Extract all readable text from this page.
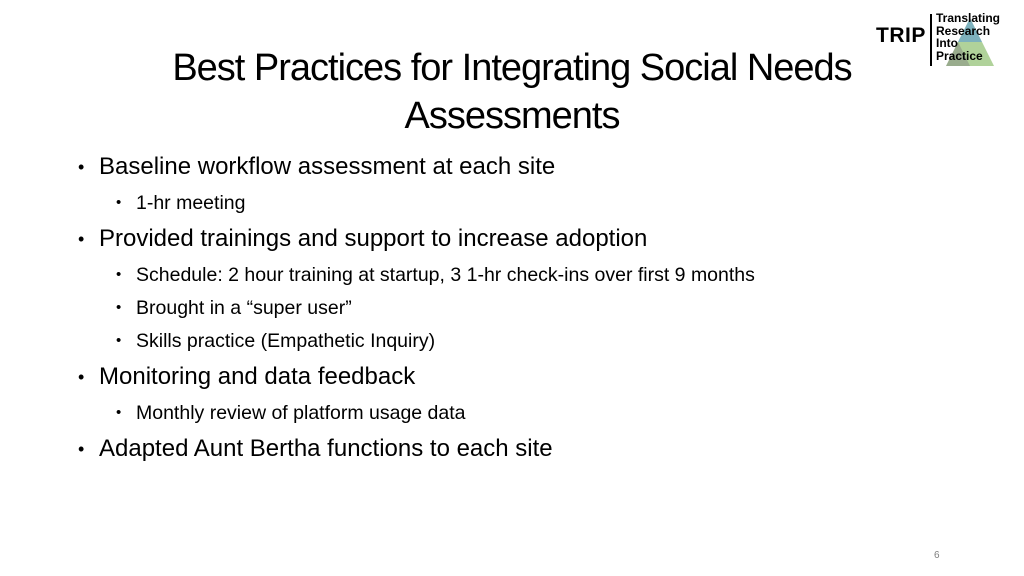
Best Practices for Integrating Social Needs Assessments
TRIP
Translating
Research
Into
Practice
• Baseline workflow assessment at each site
• 1-hr meeting
• Provided trainings and support to increase adoption
• Schedule: 2 hour training at startup, 3 1-hr check-ins over first 9 months
• Brought in a “super user”
• Skills practice (Empathetic Inquiry)
• Monitoring and data feedback
• Monthly review of platform usage data
• Adapted Aunt Bertha functions to each site
6
